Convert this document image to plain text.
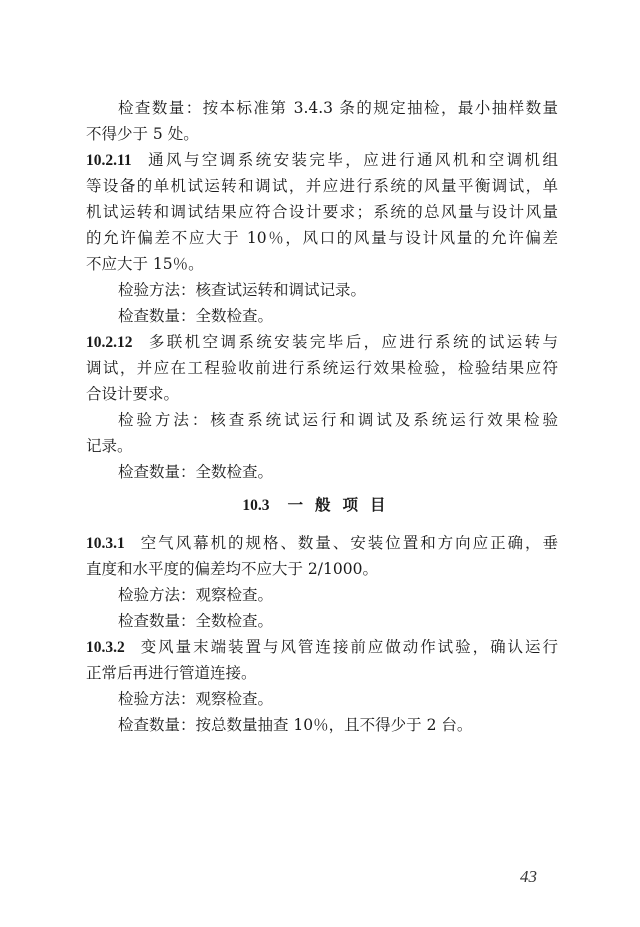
检查数量：按本标准第 3.4.3 条的规定抽检，最小抽样数量
不得少于 5 处。
10.2.11 通风与空调系统安装完毕，应进行通风机和空调机组
等设备的单机试运转和调试，并应进行系统的风量平衡调试，单
机试运转和调试结果应符合设计要求；系统的总风量与设计风量
的允许偏差不应大于 10％，风口的风量与设计风量的允许偏差
不应大于 15％。
检验方法：核查试运转和调试记录。
检查数量：全数检查。
10.2.12 多联机空调系统安装完毕后，应进行系统的试运转与
调试，并应在工程验收前进行系统运行效果检验，检验结果应符
合设计要求。
检验方法：核查系统试运行和调试及系统运行效果检验
记录。
检查数量：全数检查。
10.3 一般项目
10.3.1 空气风幕机的规格、数量、安装位置和方向应正确，垂
直度和水平度的偏差均不应大于 2/1000。
检验方法：观察检查。
检查数量：全数检查。
10.3.2 变风量末端装置与风管连接前应做动作试验，确认运行
正常后再进行管道连接。
检验方法：观察检查。
检查数量：按总数量抽查 10％，且不得少于 2 台。
43
